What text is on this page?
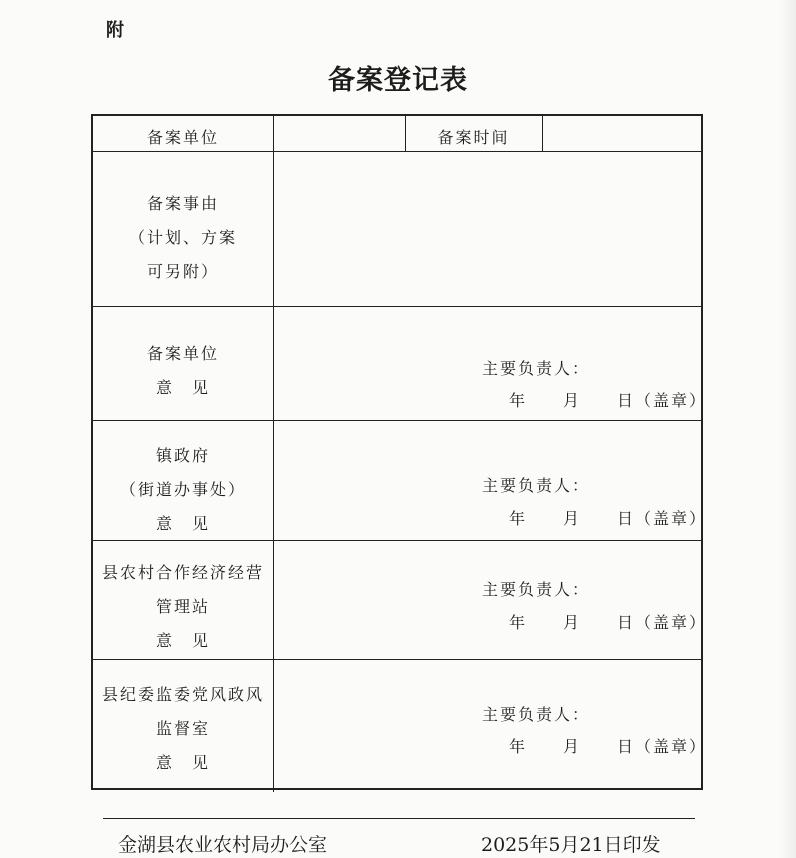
附
备案登记表
备案单位	备案时间
备案事由
（计划、方案
可另附）
备案单位
意　见
主要负责人：
年　　月　　日（盖章）
镇政府
（街道办事处）
意　见
主要负责人：
年　　月　　日（盖章）
县农村合作经济经营
管理站
意　见
主要负责人：
年　　月　　日（盖章）
县纪委监委党风政风
监督室
意　见
主要负责人：
年　　月　　日（盖章）
金湖县农业农村局办公室	2025年5月21日印发
